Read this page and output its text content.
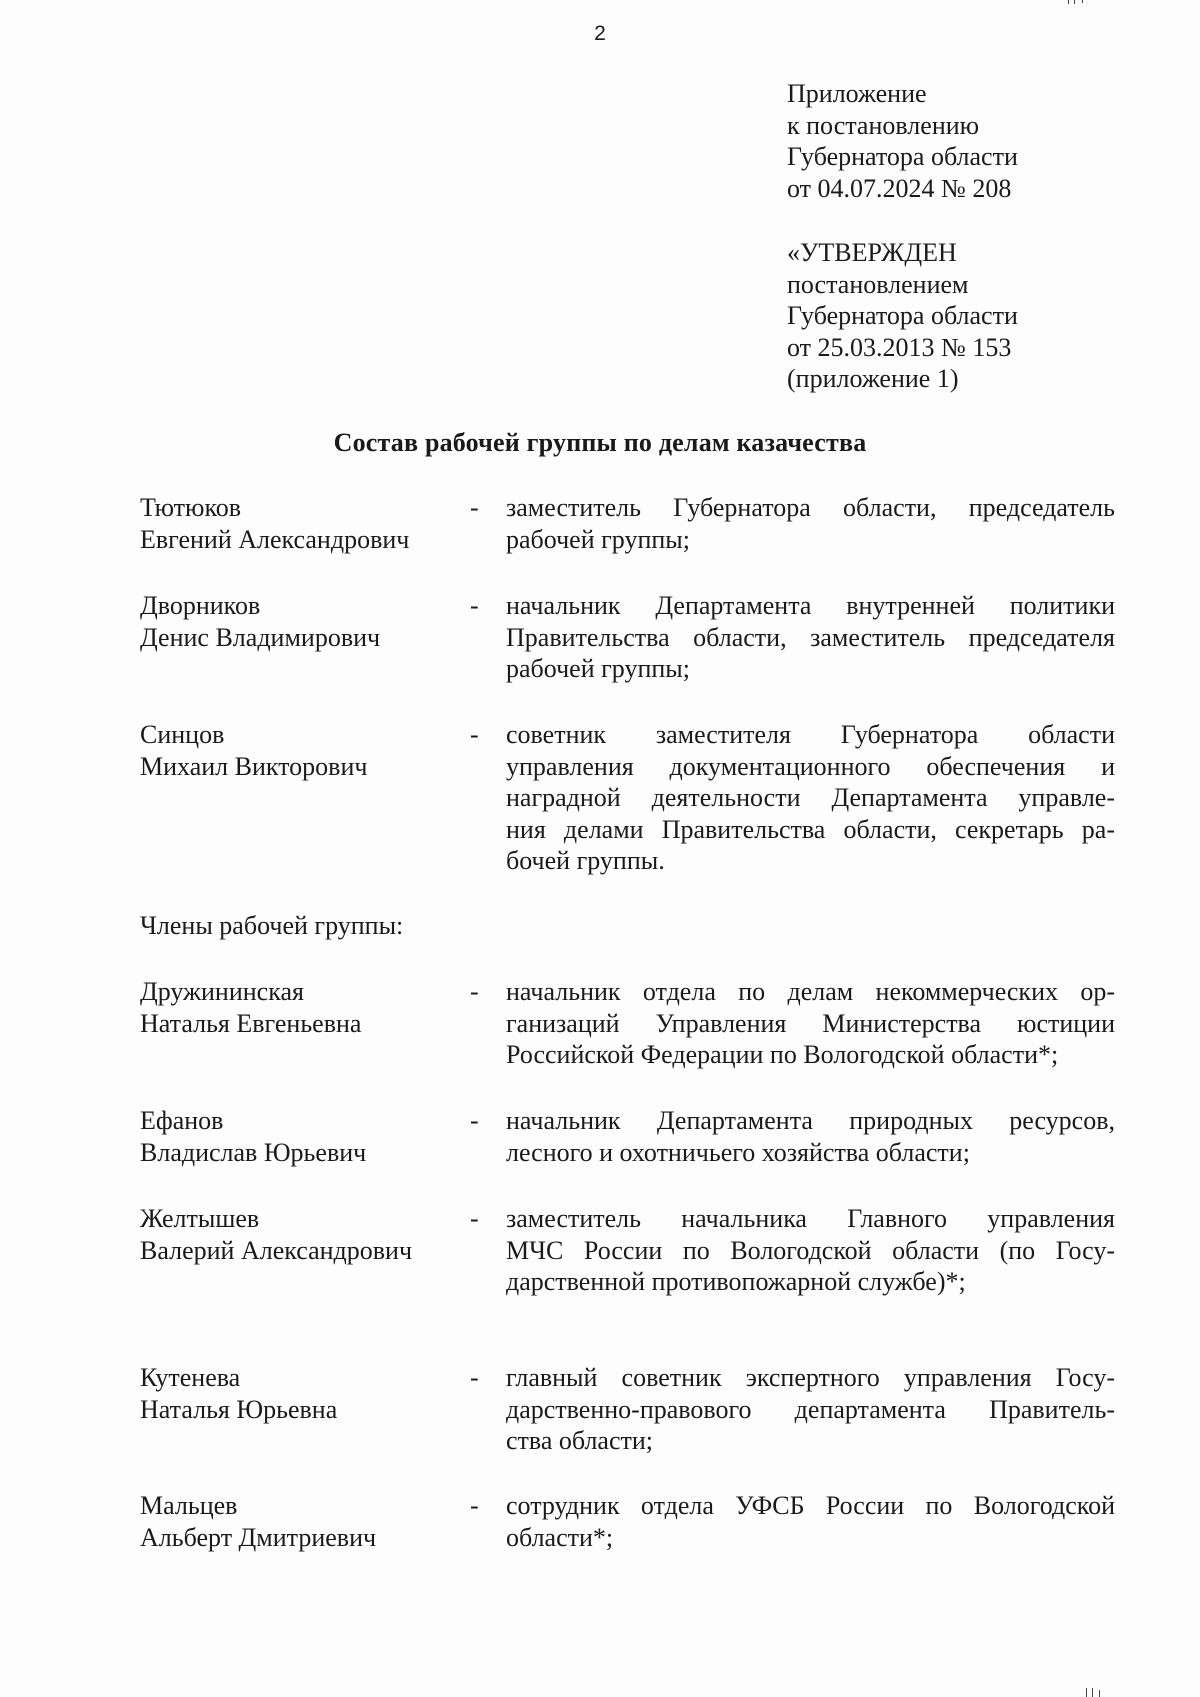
2
Приложение
к постановлению
Губернатора области
от 04.07.2024 № 208
«УТВЕРЖДЕН
постановлением
Губернатора области
от 25.03.2013 № 153
(приложение 1)
Состав рабочей группы по делам казачества
Тютюков
Евгений Александрович
-	заместитель Губернатора области, председатель
рабочей группы;
Дворников
Денис Владимирович
-	начальник Департамента внутренней политики
Правительства области, заместитель председателя
рабочей группы;
Синцов
Михаил Викторович
-	советник заместителя Губернатора области
управления документационного обеспечения и
наградной деятельности Департамента управле-
ния делами Правительства области, секретарь ра-
бочей группы.
Члены рабочей группы:
Дружининская
Наталья Евгеньевна
-	начальник отдела по делам некоммерческих ор-
ганизаций Управления Министерства юстиции
Российской Федерации по Вологодской области*;
Ефанов
Владислав Юрьевич
-	начальник Департамента природных ресурсов,
лесного и охотничьего хозяйства области;
Желтышев
Валерий Александрович
-	заместитель начальника Главного управления
МЧС России по Вологодской области (по Госу-
дарственной противопожарной службе)*;
Кутенева
Наталья Юрьевна
-	главный советник экспертного управления Госу-
дарственно-правового департамента Правитель-
ства области;
Мальцев
Альберт Дмитриевич
-	сотрудник отдела УФСБ России по Вологодской
области*;
